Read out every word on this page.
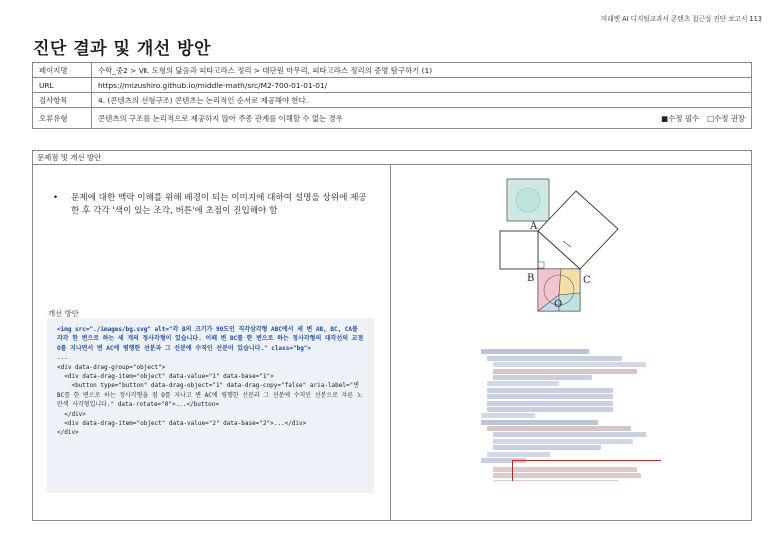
미래엔 AI 디지털교과서 콘텐츠 접근성 진단 보고서 113
진단 결과 및 개선 방안
페이지명	수학_중2 > Ⅶ. 도형의 닮음과 피타고라스 정리 > 대단원 마무리, 피타고라스 정리의 증명 탐구하기 (1)
URL	https://mizushiro.github.io/middle-math/src/M2-700-01-01-01/
검사항목	4. (콘텐츠의 선형구조) 콘텐츠는 논리적인 순서로 제공해야 한다.
오류유형	콘텐츠의 구조를 논리적으로 제공하지 않아 주종 관계를 이해할 수 없는 경우 ■수정 필수 □수정 권장
문제점 및 개선 방안
• 문제에 대한 맥락 이해를 위해 배경이 되는 이미지에 대하여 설명을 상위에 제공한 후 각각 '색이 있는 조각, 버튼'에 초점이 진입해야 함
개선 방안
<img src="./images/bg.svg" alt="각 B의 크기가 90도인 직각삼각형 ABC에서 세 변 AB, BC, CA를 각각 한 변으로 하는 세 개의 정사각형이 있습니다. 이때 변 BC를 한 변으로 하는 정사각형의 대각선의 교점 O를 지나면서 변 AC에 평행한 선분과 그 선분에 수직인 선분이 있습니다." class="bg">
...
<div data-drag-group="object">
<div data-drag-item="object" data-value="1" data-base="1">
<button type="button" data-drag-object="1" data-drag-copy="false" aria-label="변 BC를 한 변으로 하는 정사각형을 점 O를 지나고 변 AC에 평행한 선분과 그 선분에 수직인 선분으로 자른 노란색 사각형입니다." data-rotate="0">...</button>
</div>
<div data-drag-item="object" data-value="2" data-base="2">...</div>
</div>
A
B	C
O
